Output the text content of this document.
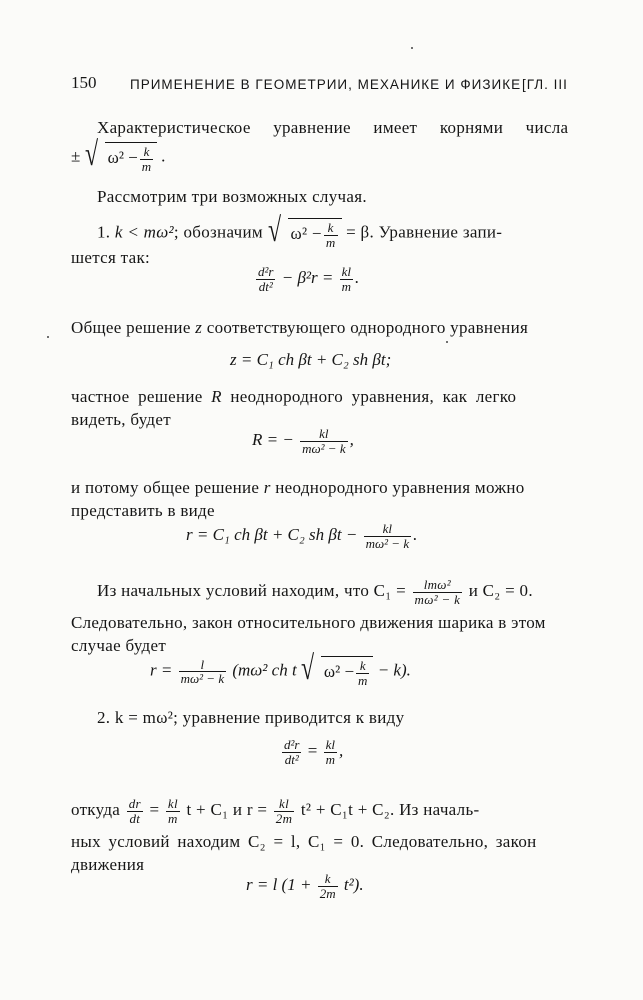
150 ПРИМЕНЕНИЕ В ГЕОМЕТРИИ, МЕХАНИКЕ И ФИЗИКЕ [ГЛ. III
Характеристическое уравнение имеет корнями числа
± √ $\omega^2 - \frac{k}{m}$ .
Рассмотрим три возможных случая.
1. k < mω²; обозначим √ $\omega^2 - \frac{k}{m} = \beta$. Уравнение запи-
шется так:
$\frac{\text{d²r}}{\text{dt²}} - \beta^2r = \frac{kl}{m}$ .
Общее решение z соответствующего однородного уравнения
z = C₁ ch βt + C₂ sh βt;
частное решение R неоднородного уравнения, как легко
видеть, будет
R = − $\frac{kl}{\text{mω² − k}}$ ,
и потому общее решение r неоднородного уравнения можно
представить в виде
r = C₁ ch βt + C₂ sh $\beta t - \frac{kl}{\text{mω² − k}}$ .
Из начальных условий находим, что $C_1 = \frac{\text{lmω²}}{\text{mω² − k}}$ и C₂ = 0.
Следовательно, закон относительного движения шарика в этом
случае будет
$r = \frac{l}{\text{mω² − k}} (m\omega^2$ ch t √ $\omega^2 - \frac{k}{m} - k$).
2. k = mω²; уравнение приводится к виду
$\frac{\text{d²r}}{\text{dt²}} = \frac{kl}{m}$ ,
откуда $\frac{dr}{dt} = \frac{kl}{m}$ t + C₁ и $r = \frac{kl}{2m} t^2 + C_1t + C_2$. Из началь-
ных условий находим C₂ = l, C₁ = 0. Следовательно, закон
движения
r = l $(1 + \frac{k}{2m} t^2)$.
